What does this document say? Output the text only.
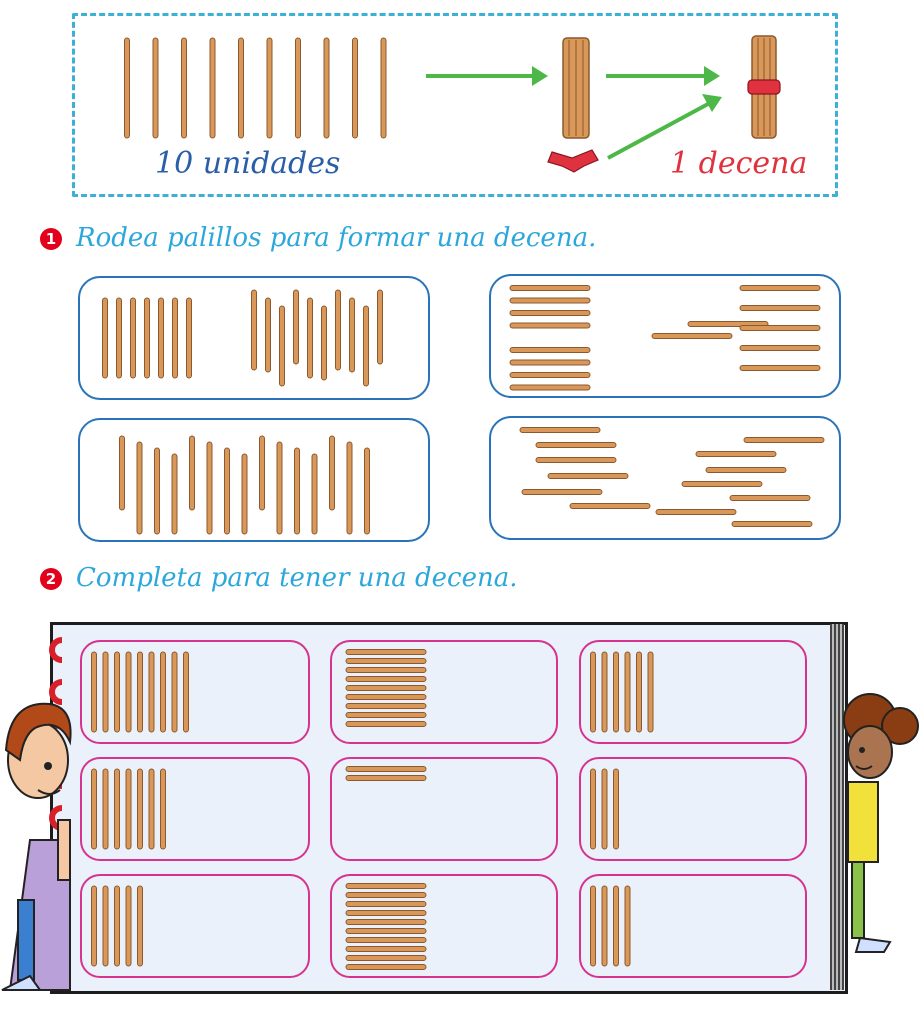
10 unidades	1 decena
1 Rodea palillos para formar una decena.
2 Completa para tener una decena.
